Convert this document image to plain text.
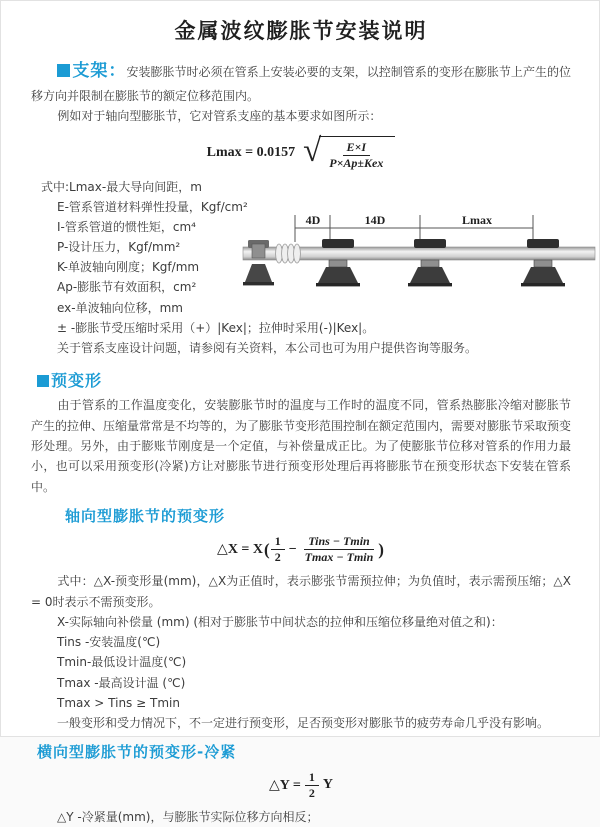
金属波纹膨胀节安装说明

支架：安装膨胀节时必须在管系上安装必要的支架，以控制管系的变形在膨胀节上产生的位移方向并限制在膨胀节的额定位移范围内。

例如对于轴向型膨胀节，它对管系支座的基本要求如图所示：

Lmax = 0.0157 √ $\frac{E\times I}{\text{P×Ap±Kex}}$

式中:Lmax-最大导向间距，m

E-管系管道材料弹性投量，Kgf/cm²

I-管系管道的惯性矩，cm⁴

P-设计压力，Kgf/mm²

K-单波轴向刚度；Kgf/mm

Ap-膨胀节有效面积，cm²

ex-单波轴向位移，mm

± -膨胀节受压缩时采用（+）|Kex|；拉伸时采用(-)|Kex|。

4D	14D	Lmax

关于管系支座设计问题，请参阅有关资料，本公司也可为用户提供咨询等服务。

预变形

由于管系的工作温度变化，安装膨胀节时的温度与工作时的温度不同，管系热膨胀冷缩对膨胀节产生的拉伸、压缩量常常是不均等的，为了膨胀节变形范围控制在额定范围内，需要对膨胀节采取预变形处理。另外，由于膨账节刚度是一个定值，与补偿量成正比。为了使膨胀节位移对管系的作用力最小，也可以采用预变形(冷紧)方让对膨胀节进行预变形处理后再将膨胀节在预变形状态下安装在管系中。

轴向型膨胀节的预变形
△X = X ( $\frac{1}{2} - \frac{\text{Tins − Tmin}}{Tmax - Tmin}$ )

式中：△X-预变形量(mm)，△X为正值时，表示膨张节需预拉伸；为负值时，表示需预压缩；△X = 0时表示不需预变形。

X-实际轴向补偿量 (mm) (相对于膨胀节中间状态的拉伸和压缩位移量绝对值之和)：

Tins -安装温度(℃)

Tmin-最低设计温度(℃)

Tmax -最高设计温 (℃)

Tmax > Tins ≥ Tmin

一般变形和受力情况下，不一定进行预变形，足否预变形对膨胀节的疲劳寿命几乎没有影响。

横向型膨胀节的预变形-冷紧
△Y = $\frac{1}{2}$ Y

△Y -冷紧量(mm)，与膨胀节实际位移方向相反；
